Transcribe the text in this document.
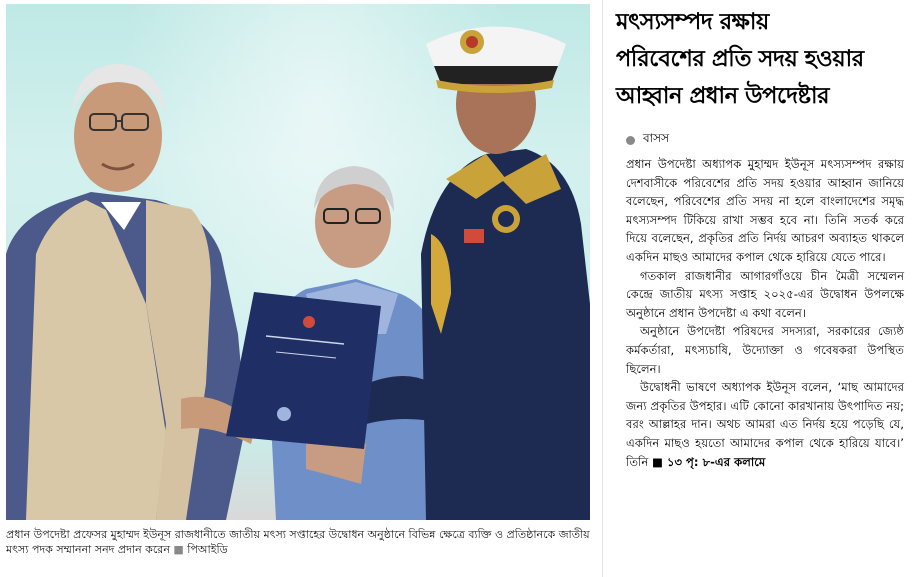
প্রধান উপদেষ্টা প্রফেসর মুহাম্মদ ইউনূস রাজধানীতে জাতীয় মৎস্য সপ্তাহের উদ্বোধন অনুষ্ঠানে বিভিন্ন ক্ষেত্রে ব্যক্তি ও প্রতিষ্ঠানকে জাতীয় মৎস্য পদক সম্মাননা সনদ প্রদান করেন ■ পিআইডি
মৎস্যসম্পদ রক্ষায়
পরিবেশের প্রতি সদয় হওয়ার
আহ্বান প্রধান উপদেষ্টার
বাসস

প্রধান উপদেষ্টা অধ্যাপক মুহাম্মদ ইউনূস মৎস্যসম্পদ রক্ষায় দেশবাসীকে পরিবেশের প্রতি সদয় হওয়ার আহ্বান জানিয়ে বলেছেন, পরিবেশের প্রতি সদয় না হলে বাংলাদেশের সমৃদ্ধ মৎস্যসম্পদ টিকিয়ে রাখা সম্ভব হবে না। তিনি সতর্ক করে দিয়ে বলেছেন, প্রকৃতির প্রতি নির্দয় আচরণ অব্যাহত থাকলে একদিন মাছও আমাদের কপাল থেকে হারিয়ে যেতে পারে।

গতকাল রাজধানীর আগারগাঁওয়ে চীন মৈত্রী সম্মেলন কেন্দ্রে জাতীয় মৎস্য সপ্তাহ ২০২৫-এর উদ্বোধন উপলক্ষে অনুষ্ঠানে প্রধান উপদেষ্টা এ কথা বলেন।

অনুষ্ঠানে উপদেষ্টা পরিষদের সদস্যরা, সরকারের জ্যেষ্ঠ কর্মকর্তারা, মৎস্যচাষি, উদ্যোক্তা ও গবেষকরা উপস্থিত ছিলেন।

উদ্বোধনী ভাষণে অধ্যাপক ইউনূস বলেন, ‘মাছ আমাদের জন্য প্রকৃতির উপহার। এটি কোনো কারখানায় উৎপাদিত নয়; বরং আল্লাহর দান। অথচ আমরা এত নির্দয় হয়ে পড়েছি যে, একদিন মাছও হয়তো আমাদের কপাল থেকে হারিয়ে যাবে।’ তিনি ■ ১৩ পৃ: ৮-এর কলামে
